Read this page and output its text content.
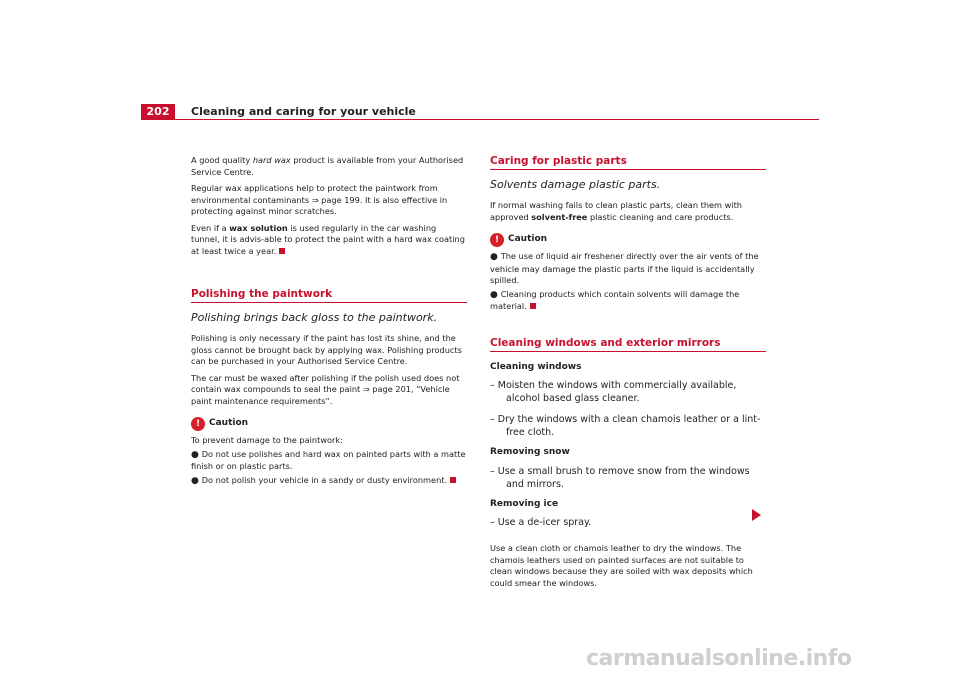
202	Cleaning and caring for your vehicle

A good quality hard wax product is available from your Authorised Service Centre.

Regular wax applications help to protect the paintwork from environmental contaminants ⇒ page 199. It is also effective in protecting against minor scratches.

Even if a wax solution is used regularly in the car washing tunnel, it is advis-able to protect the paint with a hard wax coating at least twice a year.

Polishing the paintwork
Polishing brings back gloss to the paintwork.

Polishing is only necessary if the paint has lost its shine, and the gloss cannot be brought back by applying wax. Polishing products can be purchased in your Authorised Service Centre.

The car must be waxed after polishing if the polish used does not contain wax compounds to seal the paint ⇒ page 201, “Vehicle paint maintenance requirements”.

! Caution

To prevent damage to the paintwork:

● Do not use polishes and hard wax on painted parts with a matte finish or on plastic parts.
● Do not polish your vehicle in a sandy or dusty environment.
Caring for plastic parts
Solvents damage plastic parts.

If normal washing fails to clean plastic parts, clean them with approved solvent-free plastic cleaning and care products.

! Caution
● The use of liquid air freshener directly over the air vents of the vehicle may damage the plastic parts if the liquid is accidentally spilled.
● Cleaning products which contain solvents will damage the material.
Cleaning windows and exterior mirrors
Cleaning windows
– Moisten the windows with commercially available, alcohol based glass cleaner.
– Dry the windows with a clean chamois leather or a lint-free cloth.
Removing snow
– Use a small brush to remove snow from the windows and mirrors.
Removing ice
– Use a de-icer spray.

Use a clean cloth or chamois leather to dry the windows. The chamois leathers used on painted surfaces are not suitable to clean windows because they are soiled with wax deposits which could smear the windows.

carmanualsonline.info
